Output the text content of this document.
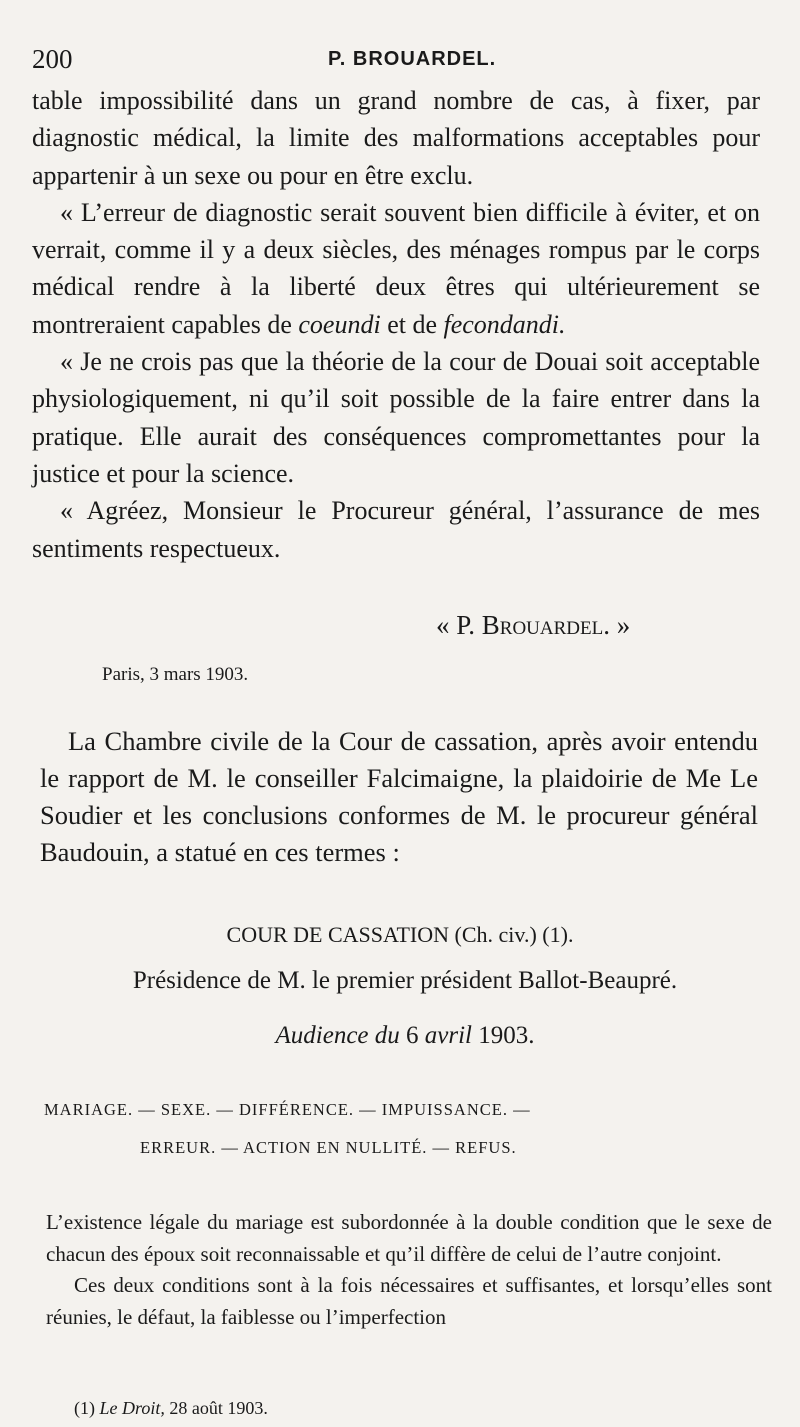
200	P. BROUARDEL.

table impossibilité dans un grand nombre de cas, à fixer, par diagnostic médical, la limite des malformations acceptables pour appartenir à un sexe ou pour en être exclu.

« L’erreur de diagnostic serait souvent bien difficile à éviter, et on verrait, comme il y a deux siècles, des ménages rompus par le corps médical rendre à la liberté deux êtres qui ultérieurement se montreraient capables de coeundi et de fecondandi.

« Je ne crois pas que la théorie de la cour de Douai soit acceptable physiologiquement, ni qu’il soit possible de la faire entrer dans la pratique. Elle aurait des conséquences compromettantes pour la justice et pour la science.

« Agréez, Monsieur le Procureur général, l’assurance de mes sentiments respectueux.

« P. Brouardel. »
Paris, 3 mars 1903.

La Chambre civile de la Cour de cassation, après avoir entendu le rapport de M. le conseiller Falcimaigne, la plaidoirie de Me Le Soudier et les conclusions conformes de M. le procureur général Baudouin, a statué en ces termes :

COUR DE CASSATION (Ch. civ.) (1).
Présidence de M. le premier président Ballot-Beaupré.
Audience du 6 avril 1903.
MARIAGE. — SEXE. — DIFFÉRENCE. — IMPUISSANCE. —
ERREUR. — ACTION EN NULLITÉ. — REFUS.

L’existence légale du mariage est subordonnée à la double condition que le sexe de chacun des époux soit reconnaissable et qu’il diffère de celui de l’autre conjoint.

Ces deux conditions sont à la fois nécessaires et suffisantes, et lorsqu’elles sont réunies, le défaut, la faiblesse ou l’imperfection

(1) Le Droit, 28 août 1903.
